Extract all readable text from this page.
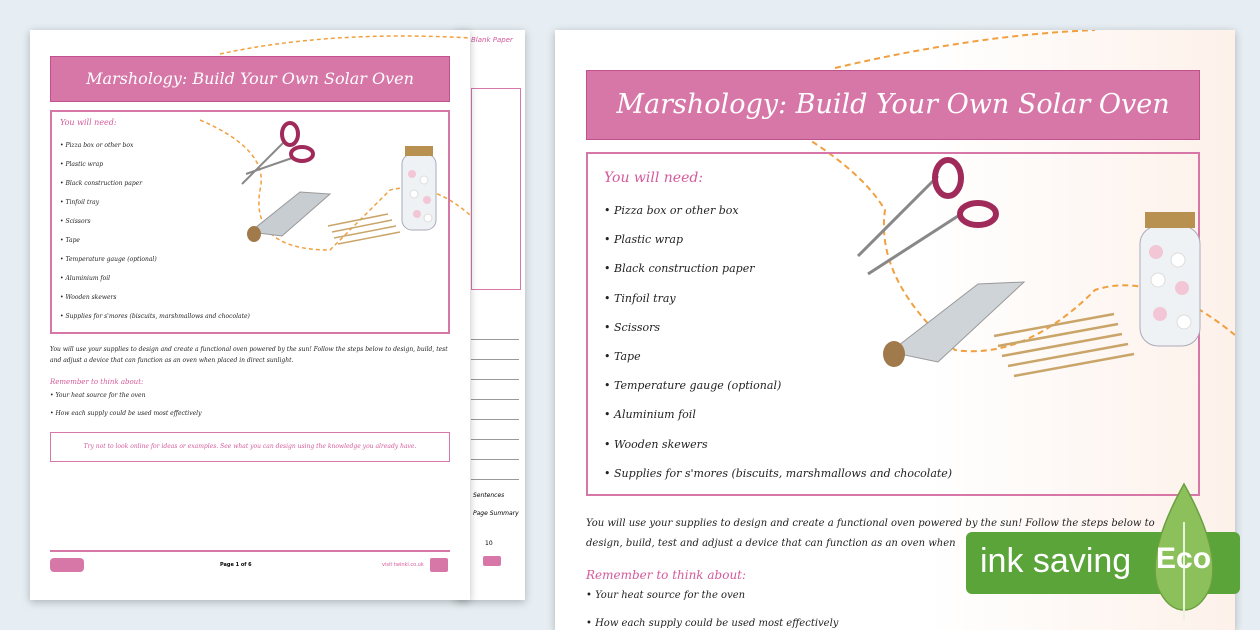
Blank Paper
Sentences
Page Summary
10
Marshology: Build Your Own Solar Oven
You will need:
• Pizza box or other box
• Plastic wrap
• Black construction paper
• Tinfoil tray
• Scissors
• Tape
• Temperature gauge (optional)
• Aluminium foil
• Wooden skewers
• Supplies for s'mores (biscuits, marshmallows and chocolate)
You will use your supplies to design and create a functional oven powered by the sun! Follow the steps below to design, build, test and adjust a device that can function as an oven when placed in direct sunlight.
Remember to think about:
• Your heat source for the oven
• How each supply could be used most effectively
Try not to look online for ideas or examples. See what you can design using the knowledge you already have.
Page 1 of 6	visit twinkl.co.uk
Marshology: Build Your Own Solar Oven
You will need:
• Pizza box or other box
• Plastic wrap
• Black construction paper
• Tinfoil tray
• Scissors
• Tape
• Temperature gauge (optional)
• Aluminium foil
• Wooden skewers
• Supplies for s'mores (biscuits, marshmallows and chocolate)
You will use your supplies to design and create a functional oven powered by the sun! Follow the steps below to design, build, test and adjust a device that can function as an oven when
Remember to think about:
• Your heat source for the oven
• How each supply could be used most effectively
ink saving Eco
